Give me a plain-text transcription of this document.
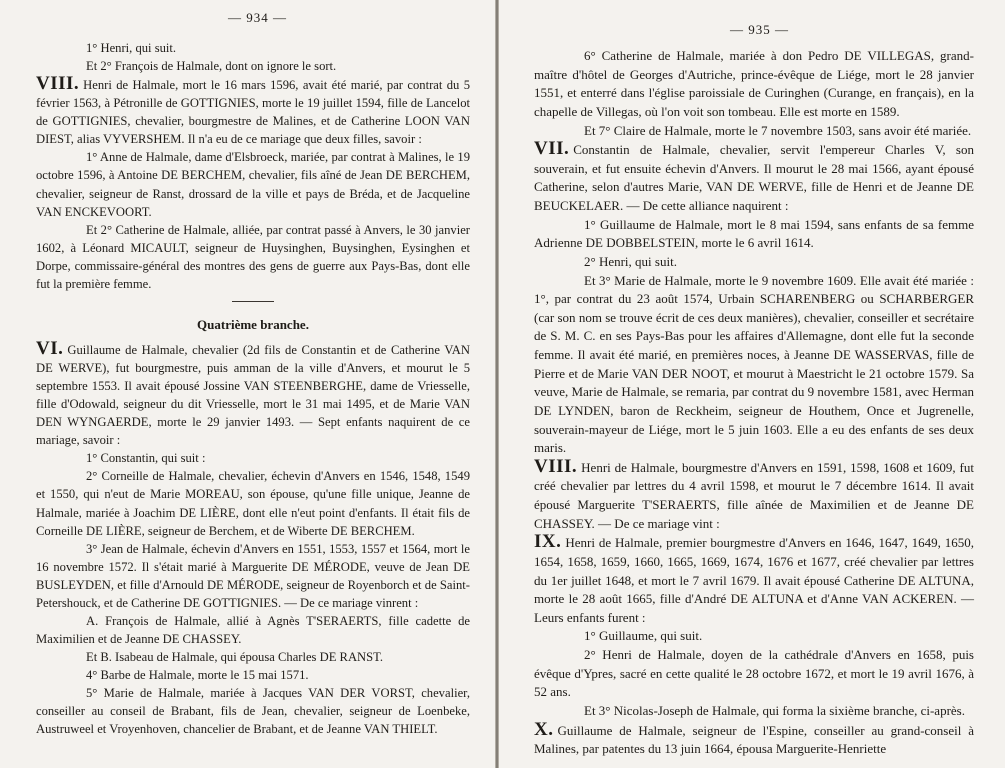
— 934 —

1° Henri, qui suit.

Et 2° François de Halmale, dont on ignore le sort.

VIII. Henri de Halmale, mort le 16 mars 1596, avait été marié, par contrat du 5 février 1563, à Pétronille de GOTTIGNIES, morte le 19 juillet 1594, fille de Lancelot de GOTTIGNIES, chevalier, bourgmestre de Malines, et de Catherine LOON VAN DIEST, alias VYVERSHEM. Il n'a eu de ce mariage que deux filles, savoir :

1° Anne de Halmale, dame d'Elsbroeck, mariée, par contrat à Malines, le 19 octobre 1596, à Antoine DE BERCHEM, chevalier, fils aîné de Jean DE BERCHEM, chevalier, seigneur de Ranst, drossard de la ville et pays de Bréda, et de Jacqueline VAN ENCKEVOORT.

Et 2° Catherine de Halmale, alliée, par contrat passé à Anvers, le 30 janvier 1602, à Léonard MICAULT, seigneur de Huysinghen, Buysinghen, Eysinghen et Dorpe, commissaire-général des montres des gens de guerre aux Pays-Bas, dont elle fut la première femme.

Quatrième branche.

VI. Guillaume de Halmale, chevalier (2d fils de Constantin et de Catherine VAN DE WERVE), fut bourgmestre, puis amman de la ville d'Anvers, et mourut le 5 septembre 1553. Il avait épousé Jossine VAN STEENBERGHE, dame de Vriesselle, fille d'Odowald, seigneur du dit Vriesselle, mort le 31 mai 1495, et de Marie VAN DEN WYNGAERDE, morte le 29 janvier 1493. — Sept enfants naquirent de ce mariage, savoir :

1° Constantin, qui suit :

2° Corneille de Halmale, chevalier, échevin d'Anvers en 1546, 1548, 1549 et 1550, qui n'eut de Marie MOREAU, son épouse, qu'une fille unique, Jeanne de Halmale, mariée à Joachim DE LIÈRE, dont elle n'eut point d'enfants. Il était fils de Corneille DE LIÈRE, seigneur de Berchem, et de Wiberte DE BERCHEM.

3° Jean de Halmale, échevin d'Anvers en 1551, 1553, 1557 et 1564, mort le 16 novembre 1572. Il s'était marié à Marguerite DE MÉRODE, veuve de Jean DE BUSLEYDEN, et fille d'Arnould DE MÉRODE, seigneur de Royenborch et de Saint-Petershouck, et de Catherine DE GOTTIGNIES. — De ce mariage vinrent :

A. François de Halmale, allié à Agnès T'SERAERTS, fille cadette de Maximilien et de Jeanne DE CHASSEY.

Et B. Isabeau de Halmale, qui épousa Charles DE RANST.

4° Barbe de Halmale, morte le 15 mai 1571.

5° Marie de Halmale, mariée à Jacques VAN DER VORST, chevalier, conseiller au conseil de Brabant, fils de Jean, chevalier, seigneur de Loenbeke, Austruweel et Vroyenhoven, chancelier de Brabant, et de Jeanne VAN THIELT.

— 935 —

6° Catherine de Halmale, mariée à don Pedro DE VILLEGAS, grand-maître d'hôtel de Georges d'Autriche, prince-évêque de Liége, mort le 28 janvier 1551, et enterré dans l'église paroissiale de Curinghen (Curange, en français), en la chapelle de Villegas, où l'on voit son tombeau. Elle est morte en 1589.

Et 7° Claire de Halmale, morte le 7 novembre 1503, sans avoir été mariée.

VII. Constantin de Halmale, chevalier, servit l'empereur Charles V, son souverain, et fut ensuite échevin d'Anvers. Il mourut le 28 mai 1566, ayant épousé Catherine, selon d'autres Marie, VAN DE WERVE, fille de Henri et de Jeanne DE BEUCKELAER. — De cette alliance naquirent :

1° Guillaume de Halmale, mort le 8 mai 1594, sans enfants de sa femme Adrienne DE DOBBELSTEIN, morte le 6 avril 1614.

2° Henri, qui suit.

Et 3° Marie de Halmale, morte le 9 novembre 1609. Elle avait été mariée : 1°, par contrat du 23 août 1574, Urbain SCHARENBERG ou SCHARBERGER (car son nom se trouve écrit de ces deux manières), chevalier, conseiller et secrétaire de S. M. C. en ses Pays-Bas pour les affaires d'Allemagne, dont elle fut la seconde femme. Il avait été marié, en premières noces, à Jeanne DE WASSERVAS, fille de Pierre et de Marie VAN DER NOOT, et mourut à Maestricht le 21 octobre 1579. Sa veuve, Marie de Halmale, se remaria, par contrat du 9 novembre 1581, avec Herman DE LYNDEN, baron de Reckheim, seigneur de Houthem, Once et Jugrenelle, souverain-mayeur de Liége, mort le 5 juin 1603. Elle a eu des enfants de ses deux maris.

VIII. Henri de Halmale, bourgmestre d'Anvers en 1591, 1598, 1608 et 1609, fut créé chevalier par lettres du 4 avril 1598, et mourut le 7 décembre 1614. Il avait épousé Marguerite T'SERAERTS, fille aînée de Maximilien et de Jeanne DE CHASSEY. — De ce mariage vint :

IX. Henri de Halmale, premier bourgmestre d'Anvers en 1646, 1647, 1649, 1650, 1654, 1658, 1659, 1660, 1665, 1669, 1674, 1676 et 1677, créé chevalier par lettres du 1er juillet 1648, et mort le 7 avril 1679. Il avait épousé Catherine DE ALTUNA, morte le 28 août 1665, fille d'André DE ALTUNA et d'Anne VAN ACKEREN. — Leurs enfants furent :

1° Guillaume, qui suit.

2° Henri de Halmale, doyen de la cathédrale d'Anvers en 1658, puis évêque d'Ypres, sacré en cette qualité le 28 octobre 1672, et mort le 19 avril 1676, à 52 ans.

Et 3° Nicolas-Joseph de Halmale, qui forma la sixième branche, ci-après.

X. Guillaume de Halmale, seigneur de l'Espine, conseiller au grand-conseil à Malines, par patentes du 13 juin 1664, épousa Marguerite-Henriette
